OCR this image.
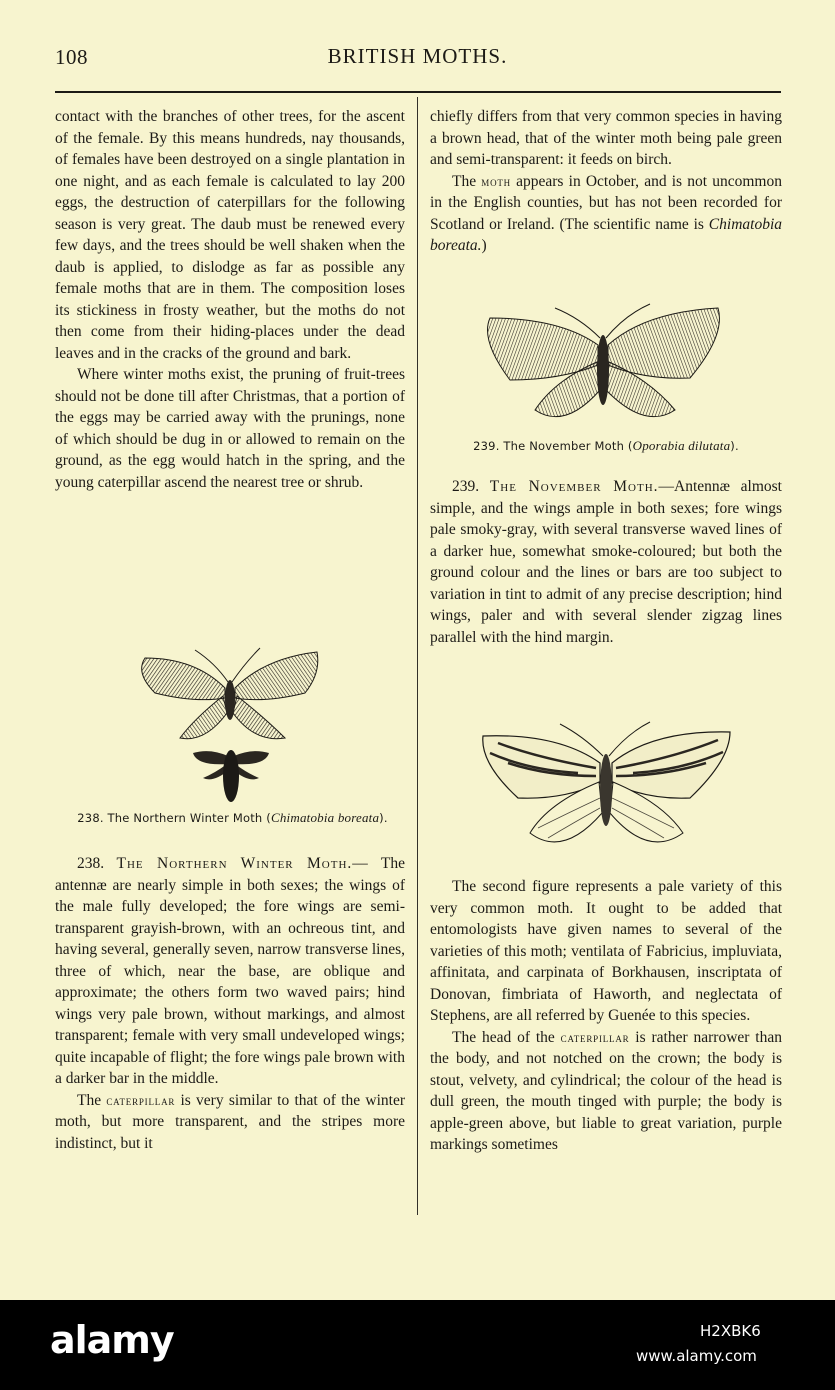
108	BRITISH MOTHS.

contact with the branches of other trees, for the ascent of the female. By this means hundreds, nay thousands, of females have been destroyed on a single plantation in one night, and as each female is calculated to lay 200 eggs, the destruction of caterpillars for the following season is very great. The daub must be renewed every few days, and the trees should be well shaken when the daub is applied, to dislodge as far as possible any female moths that are in them. The composition loses its stickiness in frosty weather, but the moths do not then come from their hiding-places under the dead leaves and in the cracks of the ground and bark.

Where winter moths exist, the pruning of fruit-trees should not be done till after Christmas, that a portion of the eggs may be carried away with the prunings, none of which should be dug in or allowed to remain on the ground, as the egg would hatch in the spring, and the young caterpillar ascend the nearest tree or shrub.

238. The Northern Winter Moth (Chimatobia boreata).

238. The Northern Winter Moth.— The antennæ are nearly simple in both sexes; the wings of the male fully developed; the fore wings are semi-transparent grayish-brown, with an ochreous tint, and having several, generally seven, narrow transverse lines, three of which, near the base, are oblique and approximate; the others form two waved pairs; hind wings very pale brown, without markings, and almost transparent; female with very small undeveloped wings; quite incapable of flight; the fore wings pale brown with a darker bar in the middle.

The caterpillar is very similar to that of the winter moth, but more transparent, and the stripes more indistinct, but it

chiefly differs from that very common species in having a brown head, that of the winter moth being pale green and semi-transparent: it feeds on birch.

The moth appears in October, and is not uncommon in the English counties, but has not been recorded for Scotland or Ireland. (The scientific name is Chimatobia boreata.)

239. The November Moth (Oporabia dilutata).

239. The November Moth.—Antennæ almost simple, and the wings ample in both sexes; fore wings pale smoky-gray, with several transverse waved lines of a darker hue, somewhat smoke-coloured; but both the ground colour and the lines or bars are too subject to variation in tint to admit of any precise description; hind wings, paler and with several slender zigzag lines parallel with the hind margin.

The second figure represents a pale variety of this very common moth. It ought to be added that entomologists have given names to several of the varieties of this moth; ventilata of Fabricius, impluviata, affinitata, and carpinata of Borkhausen, inscriptata of Donovan, fimbriata of Haworth, and neglectata of Stephens, are all referred by Guenée to this species.

The head of the caterpillar is rather narrower than the body, and not notched on the crown; the body is stout, velvety, and cylindrical; the colour of the head is dull green, the mouth tinged with purple; the body is apple-green above, but liable to great variation, purple markings sometimes

alamy	H2XBK6
www.alamy.com
